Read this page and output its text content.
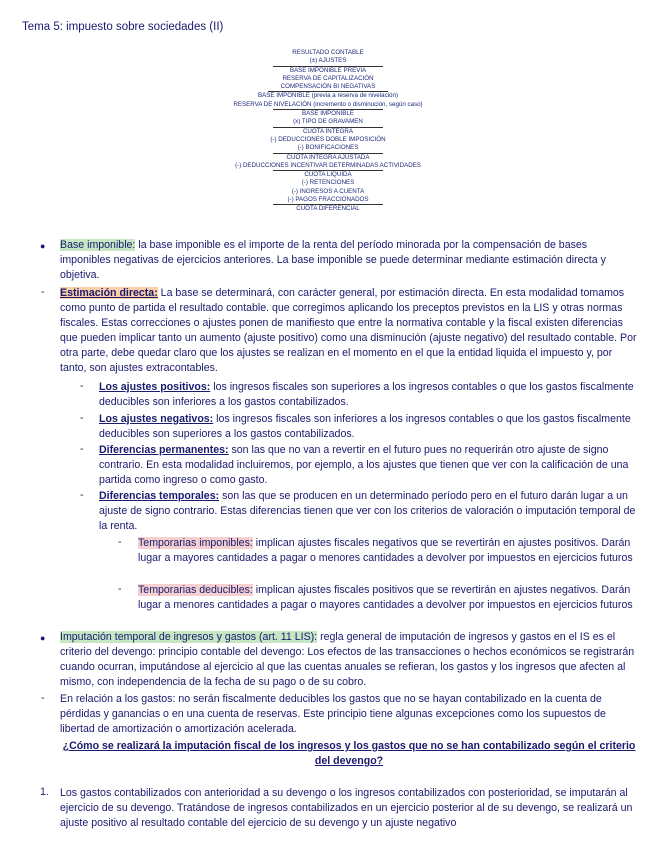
Tema 5: impuesto sobre sociedades (II)
RESULTADO CONTABLE
(±) AJUSTES
BASE IMPONIBLE PREVIA
RESERVA DE CAPITALIZACIÓN
COMPENSACIÓN BI NEGATIVAS
BASE IMPONIBLE (previa a reserva de nivelación)
RESERVA DE NIVELACIÓN (incremento o disminución, según caso)
BASE IMPONIBLE
(x) TIPO DE GRAVAMEN
CUOTA ÍNTEGRA
(-) DEDUCCIONES DOBLE IMPOSICIÓN
(-) BONIFICACIONES
CUOTA ÍNTEGRA AJUSTADA
(-) DEDUCCIONES INCENTIVAR DETERMINADAS ACTIVIDADES
CUOTA LÍQUIDA
(-) RETENCIONES
(-) INGRESOS A CUENTA
(-) PAGOS FRACCIONADOS
CUOTA DIFERENCIAL
● Base imponible: la base imponible es el importe de la renta del período minorada por la compensación de bases imponibles negativas de ejercicios anteriores. La base imponible se puede determinar mediante estimación directa y objetiva.
- Estimación directa: La base se determinará, con carácter general, por estimación directa. En esta modalidad tomamos como punto de partida el resultado contable. que corregimos aplicando los preceptos previstos en la LIS y otras normas fiscales. Estas correcciones o ajustes ponen de manifiesto que entre la normativa contable y la fiscal existen diferencias que pueden implicar tanto un aumento (ajuste positivo) como una disminución (ajuste negativo) del resultado contable. Por otra parte, debe quedar claro que los ajustes se realizan en el momento en el que la entidad liquida el impuesto y, por tanto, son ajustes extracontables.
- Los ajustes positivos: los ingresos fiscales son superiores a los ingresos contables o que los gastos fiscalmente deducibles son inferiores a los gastos contabilizados.
- Los ajustes negativos: los ingresos fiscales son inferiores a los ingresos contables o que los gastos fiscalmente deducibles son superiores a los gastos contabilizados.
- Diferencias permanentes: son las que no van a revertir en el futuro pues no requerirán otro ajuste de signo contrario. En esta modalidad incluiremos, por ejemplo, a los ajustes que tienen que ver con la calificación de una partida como ingreso o como gasto.
- Diferencias temporales: son las que se producen en un determinado período pero en el futuro darán lugar a un ajuste de signo contrario. Estas diferencias tienen que ver con los criterios de valoración o imputación temporal de la renta.
- Temporarias imponibles: implican ajustes fiscales negativos que se revertirán en ajustes positivos. Darán lugar a mayores cantidades a pagar o menores cantidades a devolver por impuestos en ejercicios futuros
- Temporarias deducibles: implican ajustes fiscales positivos que se revertirán en ajustes negativos. Darán lugar a menores cantidades a pagar o mayores cantidades a devolver por impuestos en ejercicios futuros
● Imputación temporal de ingresos y gastos (art. 11 LIS): regla general de imputación de ingresos y gastos en el IS es el criterio del devengo: principio contable del devengo: Los efectos de las transacciones o hechos económicos se registrarán cuando ocurran, imputándose al ejercicio al que las cuentas anuales se refieran, los gastos y los ingresos que afecten al mismo, con independencia de la fecha de su pago o de su cobro.
- En relación a los gastos: no serán fiscalmente deducibles los gastos que no se hayan contabilizado en la cuenta de pérdidas y ganancias o en una cuenta de reservas. Este principio tiene algunas excepciones como los supuestos de libertad de amortización o amortización acelerada.
¿Cómo se realizará la imputación fiscal de los ingresos y los gastos que no se han contabilizado según el criterio del devengo?
1. Los gastos contabilizados con anterioridad a su devengo o los ingresos contabilizados con posterioridad, se imputarán al ejercicio de su devengo. Tratándose de ingresos contabilizados en un ejercicio posterior al de su devengo, se realizará un ajuste positivo al resultado contable del ejercicio de su devengo y un ajuste negativo
